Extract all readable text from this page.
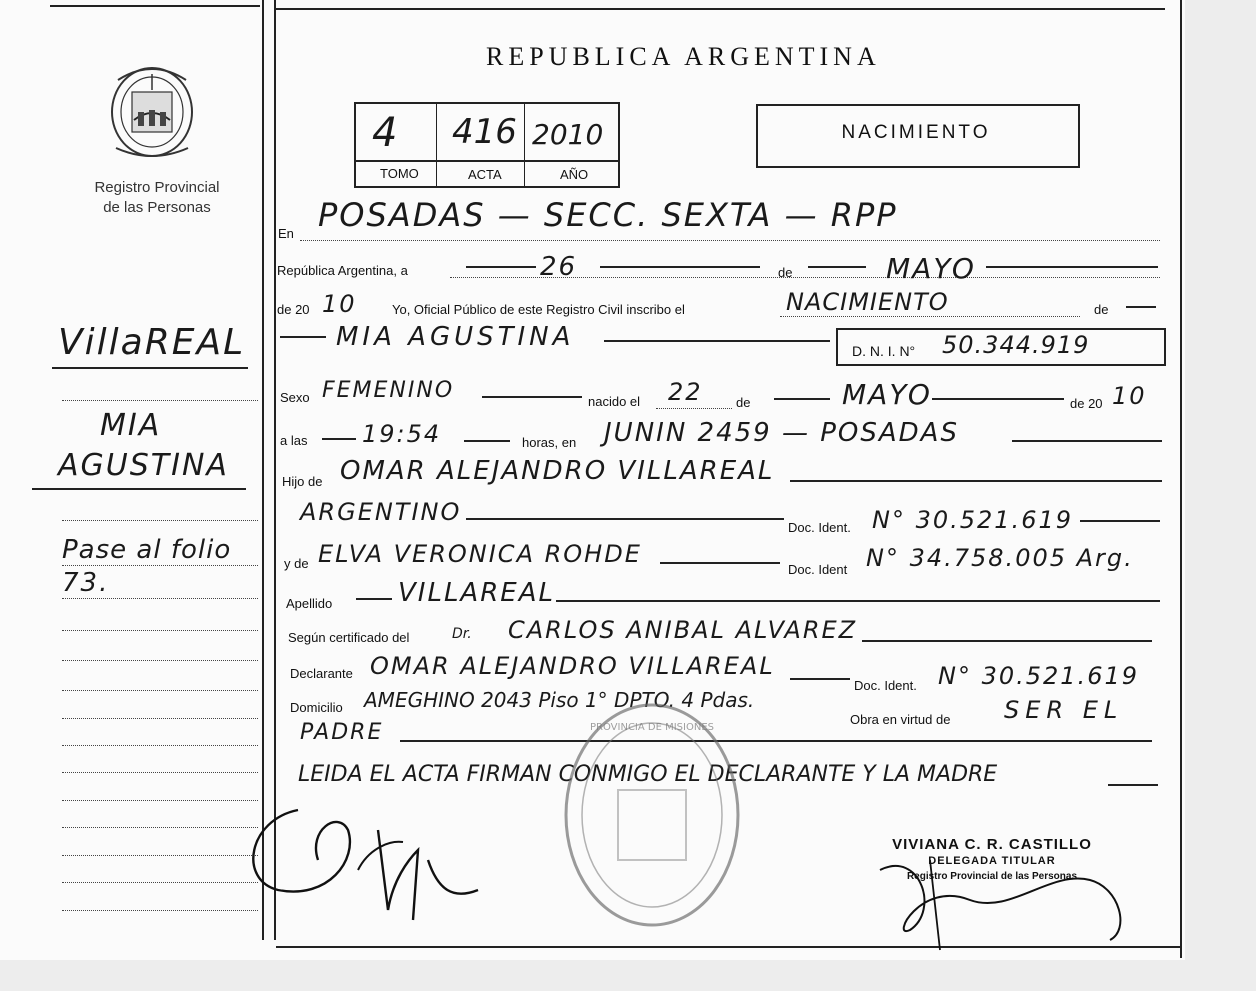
Registro Provincial
de las Personas
VillaREAL
MIA
AGUSTINA
Pase al folio
73.
REPUBLICA ARGENTINA
4 416 2010
TOMO	ACTA	AÑO
NACIMIENTO
En POSADAS — SECC. SEXTA — RPP
República Argentina, a	26	de	MAYO
de 20 10	Yo, Oficial Público de este Registro Civil inscribo el	NACIMIENTO	de
MIA AGUSTINA	D. N. I. N° 50.344.919
Sexo FEMENINO	nacido el 22	de	MAYO	de 20 10
a las 19:54	horas, en JUNIN 2459 — POSADAS
Hijo de OMAR ALEJANDRO VILLAREAL
ARGENTINO
Doc. Ident. N° 30.521.619
y de ELVA VERONICA ROHDE
Doc. Ident N° 34.758.005 Arg.
Apellido	VILLAREAL
Según certificado del	Dr. CARLOS ANIBAL ALVAREZ
Declarante OMAR ALEJANDRO VILLAREAL
Doc. Ident. N° 30.521.619
Domicilio AMEGHINO 2043 Piso 1° DPTO. 4 Pdas.
Obra en virtud de SER EL
PADRE
LEIDA EL ACTA FIRMAN CONMIGO EL DECLARANTE Y LA MADRE
PROVINCIA DE MISIONES
VIVIANA C. R. CASTILLO
DELEGADA TITULAR
Registro Provincial de las Personas
